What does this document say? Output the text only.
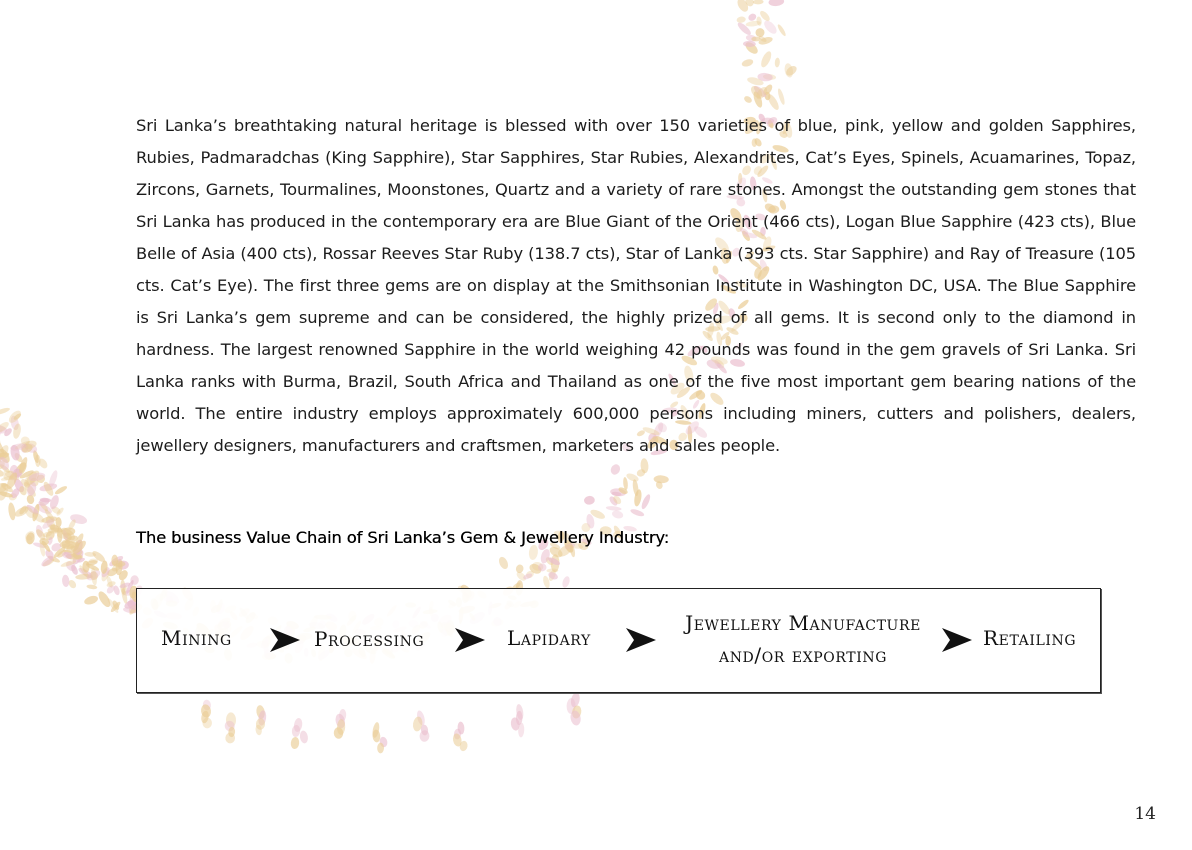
Sri Lanka’s breathtaking natural heritage is blessed with over 150 varieties of blue, pink, yellow and golden Sapphires, Rubies, Padmaradchas (King Sapphire), Star Sapphires, Star Rubies, Alexandrites, Cat’s Eyes, Spinels, Acuamarines, Topaz, Zircons, Garnets, Tourmalines, Moonstones, Quartz and a variety of rare stones. Amongst the outstanding gem stones that Sri Lanka has produced in the contemporary era are Blue Giant of the Orient (466 cts), Logan Blue Sapphire (423 cts), Blue Belle of Asia (400 cts), Rossar Reeves Star Ruby (138.7 cts), Star of Lanka (393 cts. Star Sapphire) and Ray of Treasure (105 cts. Cat’s Eye). The first three gems are on display at the Smithsonian Institute in Washington DC, USA. The Blue Sapphire is Sri Lanka’s gem supreme and can be considered, the highly prized of all gems. It is second only to the diamond in hardness. The largest renowned Sapphire in the world weighing 42 pounds was found in the gem gravels of Sri Lanka. Sri Lanka ranks with Burma, Brazil, South Africa and Thailand as one of the five most important gem bearing nations of the world. The entire industry employs approximately 600,000 persons including miners, cutters and polishers, dealers, jewellery designers, manufacturers and craftsmen, marketers and sales people.

The business Value Chain of Sri Lanka’s Gem & Jewellery Industry:
Mining	Processing	Lapidary
Jewellery Manufacture
and/or exporting
Retailing
14
